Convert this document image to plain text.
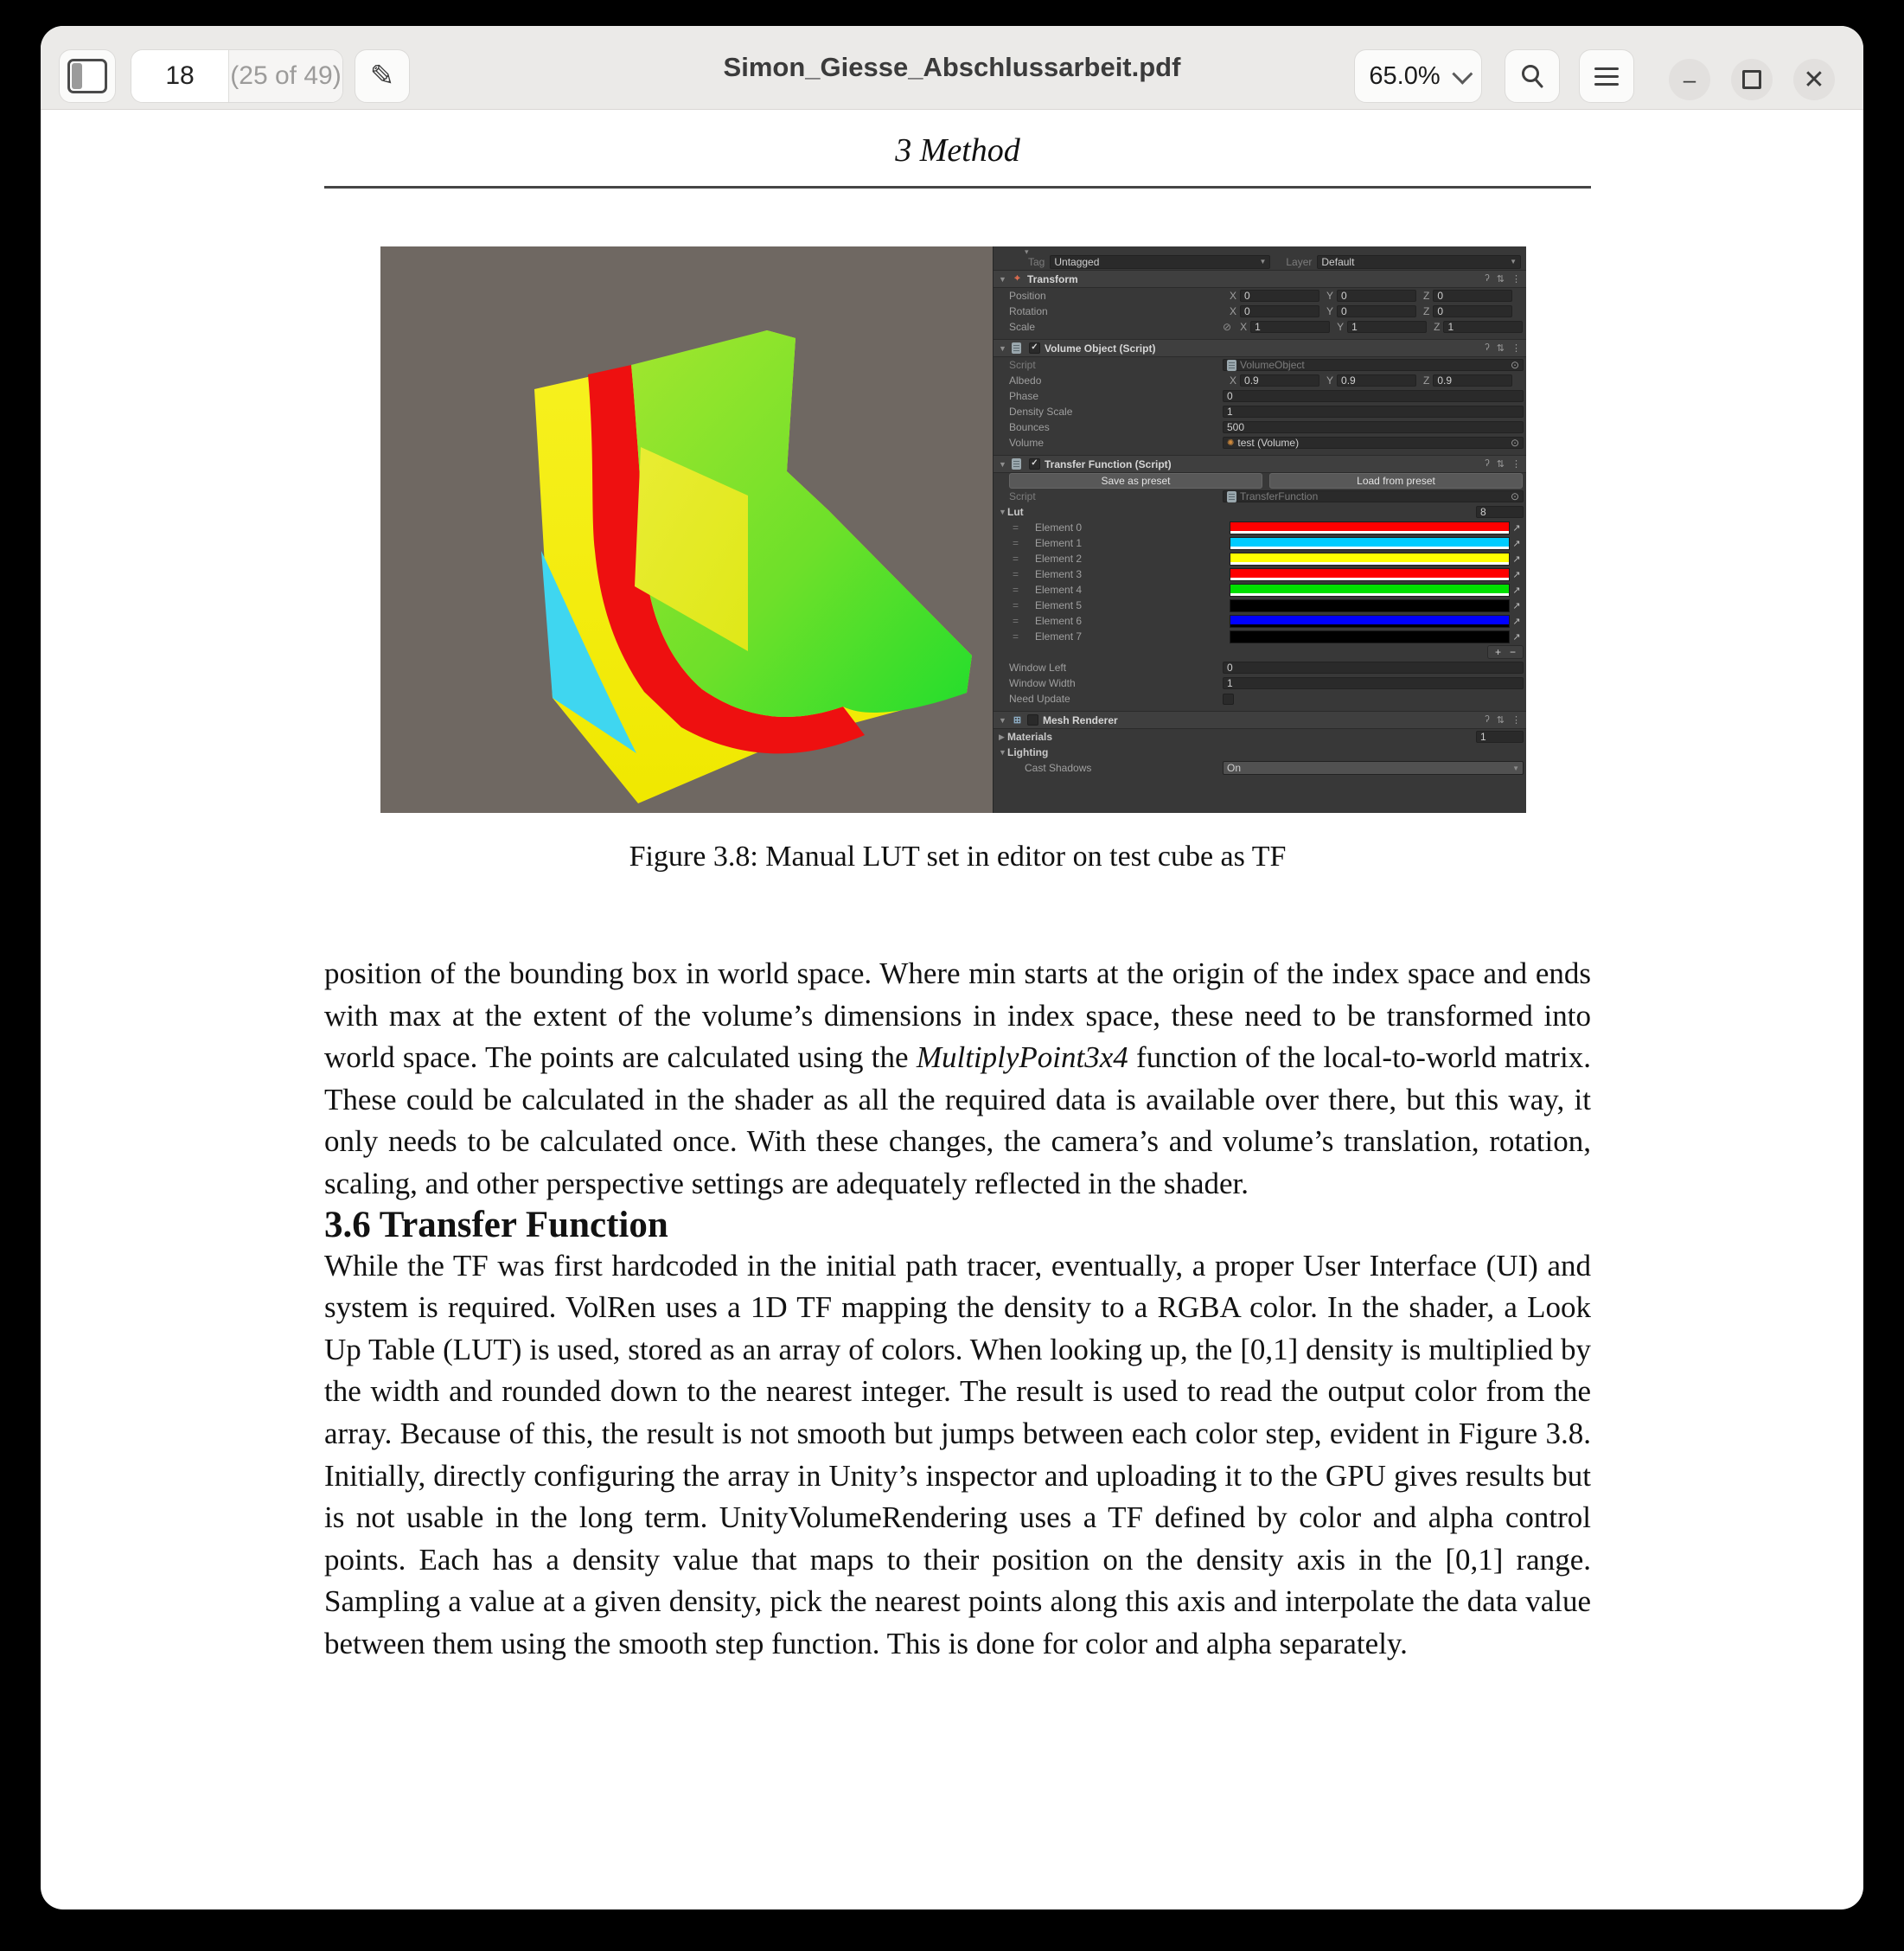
18	(25 of 49) ✎	Simon_Giesse_Abschlussarbeit.pdf	65.0%	–	✕
3 Method
▾
Tag Untagged	▼ Layer Default	▼
▼ ⌖ Transform	ʔ ⇅ ⋮
Position	X 0	Y 0	Z 0
Rotation	X 0	Y 0	Z 0
Scale	⊘ X 1	Y 1	Z 1
▼	✓ Volume Object (Script)	ʔ ⇅ ⋮
Script	VolumeObject	⊙
Albedo	X 0.9	Y 0.9	Z 0.9
Phase	0
Density Scale	1
Bounces	500
Volume	✺ test (Volume)	⊙
▼	✓ Transfer Function (Script)	ʔ ⇅ ⋮
Save as preset	Load from preset
Script	TransferFunction	⊙
▼ Lut	8
=	Element 0	↗
=	Element 1	↗
=	Element 2	↗
=	Element 3	↗
=	Element 4	↗
=	Element 5	↗
=	Element 6	↗
=	Element 7	↗
+ −
Window Left	0
Window Width	1
Need Update
▼ ⊞ Mesh Renderer	ʔ ⇅ ⋮
▶ Materials	1
▼ Lighting
Cast Shadows	On	▼
Figure 3.8: Manual LUT set in editor on test cube as TF

position of the bounding box in world space. Where min starts at the origin of the index space and ends with max at the extent of the volume’s dimensions in index space, these need to be transformed into world space. The points are calculated using the MultiplyPoint3x4 function of the local-to-world matrix. These could be calculated in the shader as all the required data is available over there, but this way, it only needs to be calculated once. With these changes, the camera’s and volume’s translation, rotation, scaling, and other perspective settings are adequately reflected in the shader.

3.6 Transfer Function

While the TF was first hardcoded in the initial path tracer, eventually, a proper User Interface (UI) and system is required. VolRen uses a 1D TF mapping the density to a RGBA color. In the shader, a Look Up Table (LUT) is used, stored as an array of colors. When looking up, the [0,1] density is multiplied by the width and rounded down to the nearest integer. The result is used to read the output color from the array. Because of this, the result is not smooth but jumps between each color step, evident in Figure 3.8. Initially, directly configuring the array in Unity’s inspector and uploading it to the GPU gives results but is not usable in the long term. UnityVolumeRendering uses a TF defined by color and alpha control points. Each has a density value that maps to their position on the density axis in the [0,1] range. Sampling a value at a given density, pick the nearest points along this axis and interpolate the data value between them using the smooth step function. This is done for color and alpha separately.
